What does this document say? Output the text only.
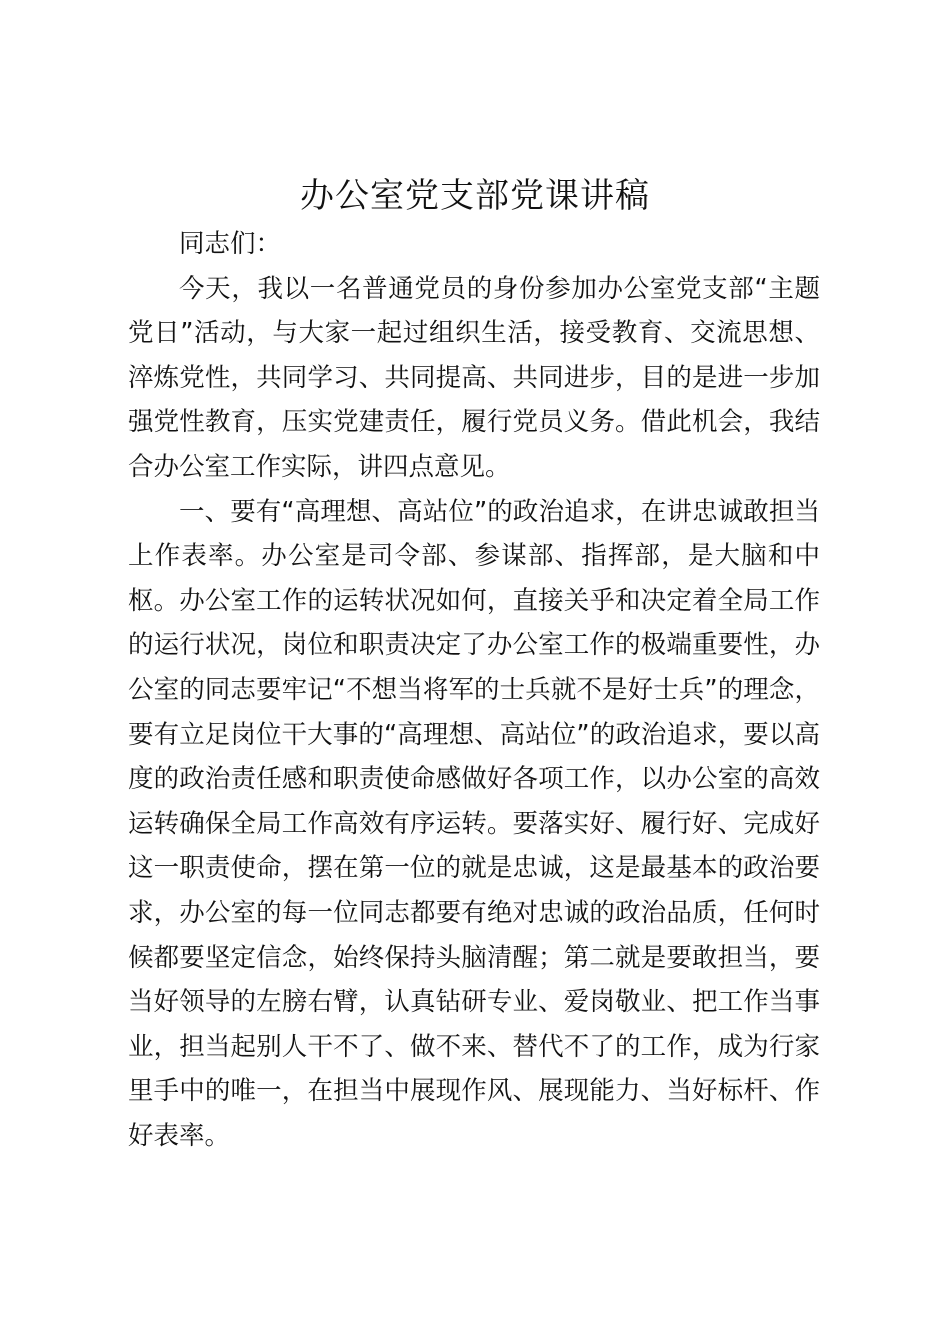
办公室党支部党课讲稿

同志们：

今天，我以一名普通党员的身份参加办公室党支部“主题党日”活动，与大家一起过组织生活，接受教育、交流思想、淬炼党性，共同学习、共同提高、共同进步，目的是进一步加强党性教育，压实党建责任，履行党员义务。借此机会，我结合办公室工作实际，讲四点意见。

一、要有“高理想、高站位”的政治追求，在讲忠诚敢担当上作表率。办公室是司令部、参谋部、指挥部，是大脑和中枢。办公室工作的运转状况如何，直接关乎和决定着全局工作的运行状况，岗位和职责决定了办公室工作的极端重要性，办公室的同志要牢记“不想当将军的士兵就不是好士兵”的理念，要有立足岗位干大事的“高理想、高站位”的政治追求，要以高度的政治责任感和职责使命感做好各项工作，以办公室的高效运转确保全局工作高效有序运转。要落实好、履行好、完成好这一职责使命，摆在第一位的就是忠诚，这是最基本的政治要求，办公室的每一位同志都要有绝对忠诚的政治品质，任何时候都要坚定信念，始终保持头脑清醒；第二就是要敢担当，要当好领导的左膀右臂，认真钻研专业、爱岗敬业、把工作当事业，担当起别人干不了、做不来、替代不了的工作，成为行家里手中的唯一，在担当中展现作风、展现能力、当好标杆、作好表率。
